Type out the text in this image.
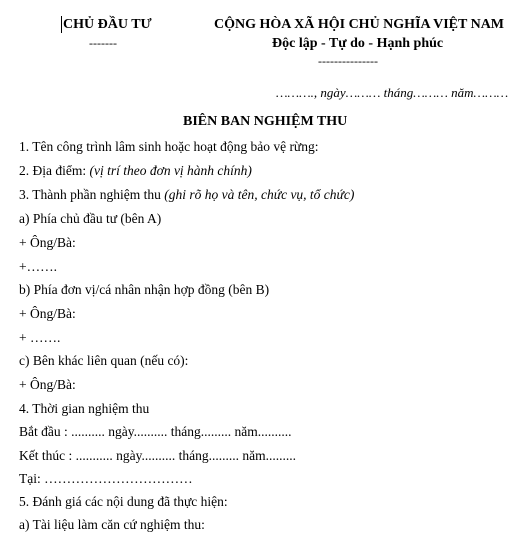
CHỦ ĐẦU TƯ
-------
CỘNG HÒA XÃ HỘI CHỦ NGHĨA VIỆT NAM
Độc lập - Tự do - Hạnh phúc
---------------
………., ngày……… tháng……… năm………
BIÊN BAN NGHIỆM THU
1. Tên công trình lâm sinh hoặc hoạt động bảo vệ rừng:
2. Địa điểm: (vị trí theo đơn vị hành chính)
3. Thành phần nghiệm thu (ghi rõ họ và tên, chức vụ, tổ chức)
a) Phía chủ đầu tư (bên A)
+ Ông/Bà:
+…….
b) Phía đơn vị/cá nhân nhận hợp đồng (bên B)
+ Ông/Bà:
+ …….
c) Bên khác liên quan (nếu có):
+ Ông/Bà:
4. Thời gian nghiệm thu
Bắt đầu : .......... ngày.......... tháng......... năm..........
Kết thúc : ........... ngày.......... tháng......... năm.........
Tại: ……………………………
5. Đánh giá các nội dung đã thực hiện:
a) Tài liệu làm căn cứ nghiệm thu:
